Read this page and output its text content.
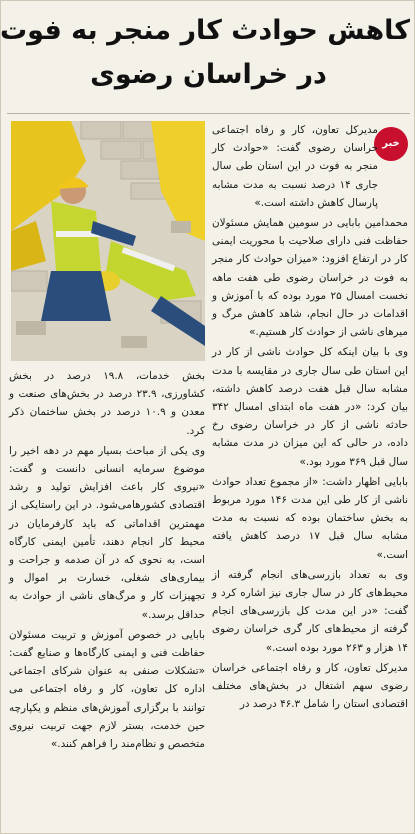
کاهش حوادث کار منجر به فوت
در خراسان رضوی
خبر

مدیرکل تعاون، کار و رفاه اجتماعی خراسان رضوی گفت: «حوادث کار منجر به فوت در این استان طی سال جاری ۱۴ درصد نسبت به مدت مشابه پارسال کاهش داشته است.»

محمدامین بابایی در سومین همایش مسئولان حفاظت فنی دارای صلاحیت با محوریت ایمنی کار در ارتفاع افزود: «میزان حوادث کار منجر به فوت در خراسان رضوی طی هفت ماهه نخست امسال ۲۵ مورد بوده که با آموزش و اقدامات در حال انجام، شاهد کاهش مرگ و میرهای ناشی از حوادث کار هستیم.»

وی با بیان اینکه کل حوادث ناشی از کار در این استان طی سال جاری در مقایسه با مدت مشابه سال قبل هفت درصد کاهش داشته، بیان کرد: «در هفت ماه ابتدای امسال ۳۴۲ حادثه ناشی از کار در خراسان رضوی رخ داده، در حالی که این میزان در مدت مشابه سال قبل ۳۶۹ مورد بود.»

بابایی اظهار داشت: «از مجموع تعداد حوادث ناشی از کار طی این مدت ۱۴۶ مورد مربوط به بخش ساختمان بوده که نسبت به مدت مشابه سال قبل ۱۷ درصد کاهش یافته است.»

وی به تعداد بازرسی‌های انجام گرفته از محیط‌های کار در سال جاری نیز اشاره کرد و گفت: «در این مدت کل بازرسی‌های انجام گرفته از محیط‌های کار گری خراسان رضوی ۱۴ هزار و ۲۶۳ مورد بوده است.»

مدیرکل تعاون، کار و رفاه اجتماعی خراسان رضوی سهم اشتغال در بخش‌های مختلف اقتصادی استان را شامل ۴۶.۳ درصد در

بخش خدمات، ۱۹.۸ درصد در بخش کشاورزی، ۲۳.۹ درصد در بخش‌های صنعت و معدن و ۱۰.۹ درصد در بخش ساختمان ذکر کرد.

وی یکی از مباحث بسیار مهم در دهه اخیر را موضوع سرمایه انسانی دانست و گفت: «نیروی کار باعث افزایش تولید و رشد اقتصادی کشورهامی‌شود. در این راستایکی از مهمترین اقداماتی که باید کارفرمایان در محیط کار انجام دهند، تأمین ایمنی کارگاه است، به نحوی که در آن صدمه و جراحت و بیماری‌های شغلی، خسارت بر اموال و تجهیزات کار و مرگ‌های ناشی از حوادث به حداقل برسد.»

بابایی در خصوص آموزش و تربیت مسئولان حفاظت فنی و ایمنی کارگاه‌ها و صنایع گفت: «تشکلات صنفی به عنوان شرکای اجتماعی اداره کل تعاون، کار و رفاه اجتماعی می توانند با برگزاری آموزش‌های منظم و یکپارچه حین خدمت، بستر لازم جهت تربیت نیروی متخصص و نظام‌مند را فراهم کنند.»
